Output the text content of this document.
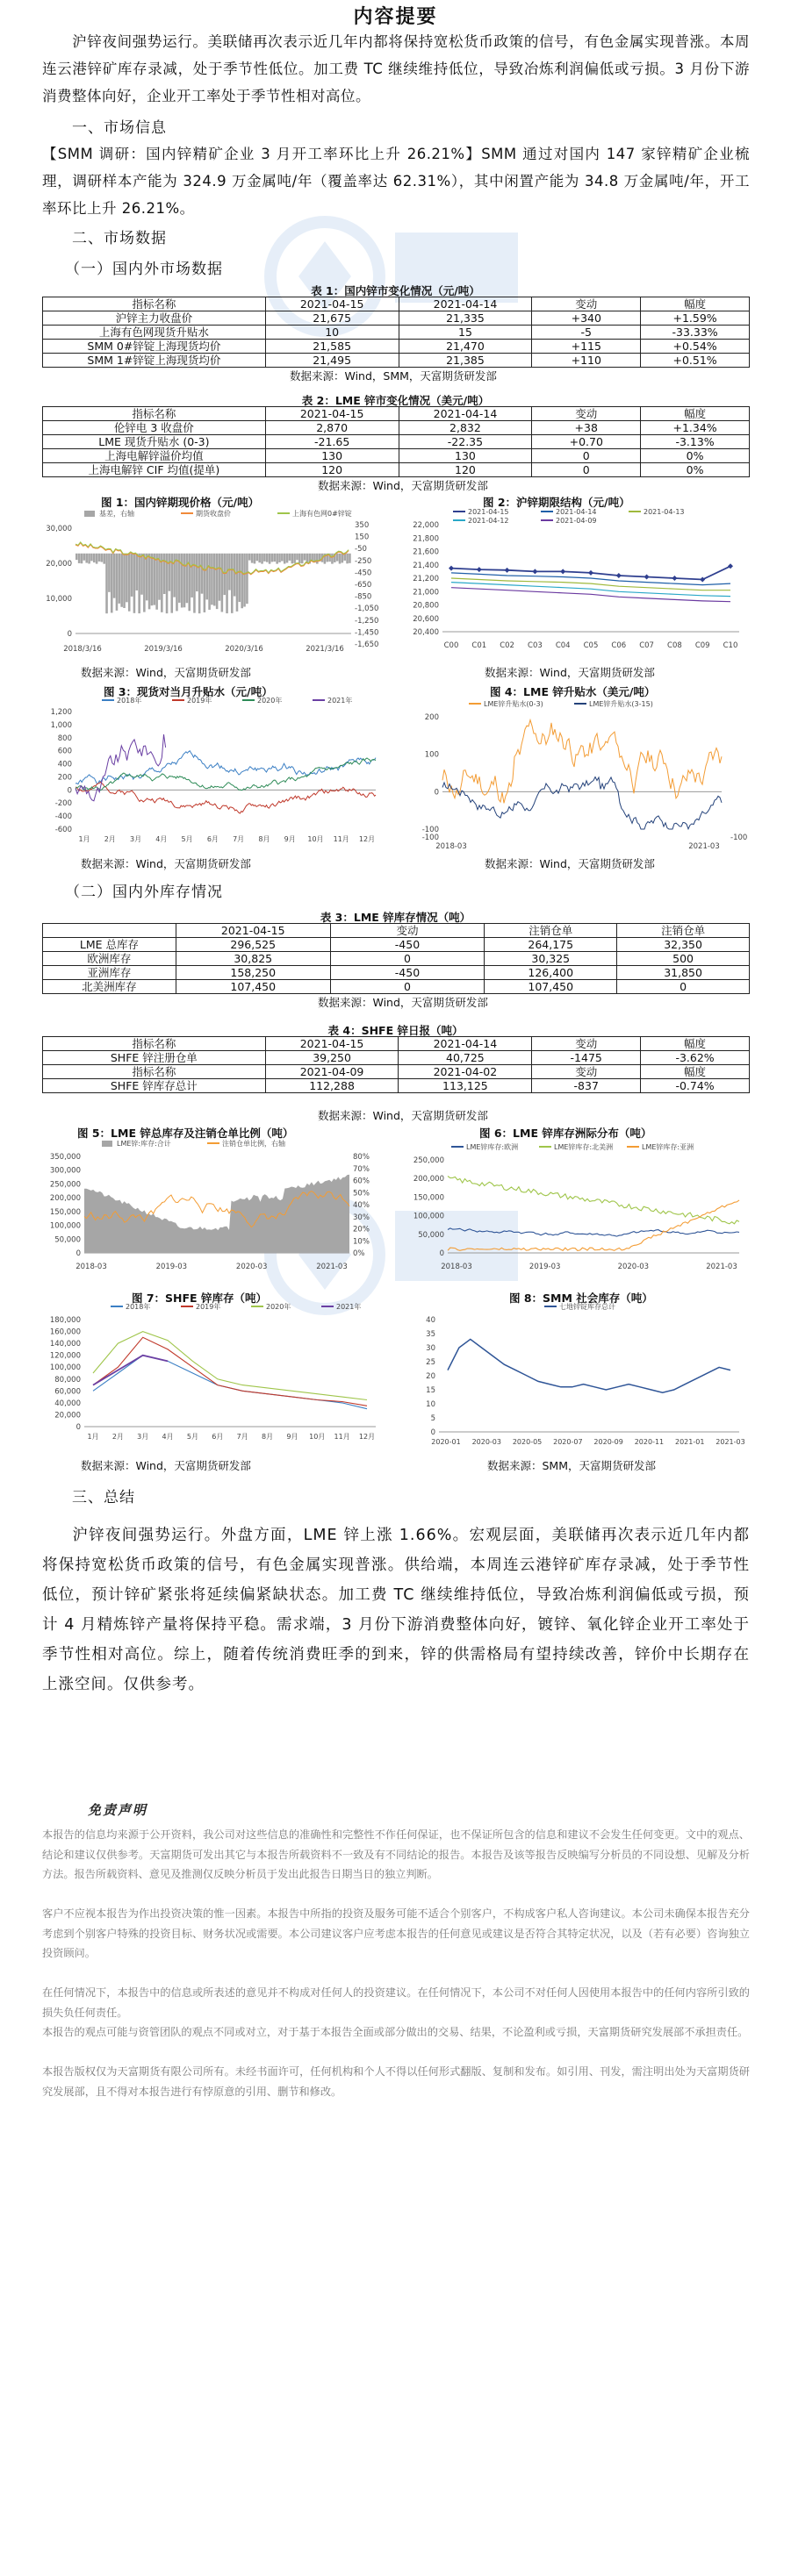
内容提要

沪锌夜间强势运行。美联储再次表示近几年内都将保持宽松货币政策的信号，有色金属实现普涨。本周连云港锌矿库存录减，处于季节性低位。加工费 TC 继续维持低位，导致冶炼利润偏低或亏损。3 月份下游消费整体向好，企业开工率处于季节性相对高位。

一、市场信息

【SMM 调研：国内锌精矿企业 3 月开工率环比上升 26.21%】SMM 通过对国内 147 家锌精矿企业梳理，调研样本产能为 324.9 万金属吨/年（覆盖率达 62.31%），其中闲置产能为 34.8 万金属吨/年，开工率环比上升 26.21%。

二、市场数据
（一）国内外市场数据

表 1：国内锌市变化情况（元/吨）

指标名称	2021-04-15	2021-04-14	变动	幅度
沪锌主力收盘价	21,675	21,335	+340	+1.59%
上海有色网现货升贴水	10	15	-5	-33.33%
SMM 0#锌锭上海现货均价	21,585	21,470	+115	+0.54%
SMM 1#锌锭上海现货均价	21,495	21,385	+110	+0.51%

数据来源：Wind，SMM，天富期货研发部

表 2：LME 锌市变化情况（美元/吨）

指标名称	2021-04-15	2021-04-14	变动	幅度
伦锌电 3 收盘价	2,870	2,832	+38	+1.34%
LME 现货升贴水 (0-3)	-21.65	-22.35	+0.70	-3.13%
上海电解锌溢价均值	130	130	0	0%
上海电解锌 CIF 均值(提单)	120	120	0	0%

数据来源：Wind，天富期货研发部

图 1：国内锌期现价格（元/吨）

30,000
20,000
10,000
0
350
150
-50
-250
-450
-650
-850
-1,050
-1,250
-1,450
-1,650
2018/3/16	2019/3/16	2020/3/16	2021/3/16
基差，右轴	期货收盘价	上海有色网0#锌锭

数据来源：Wind，天富期货研发部

图 2：沪锌期限结构（元/吨）

22,000
21,800
21,600
21,400
21,200
21,000
20,800
20,600
20,400
C00 C01 C02 C03 C04 C05 C06 C07 C08 C09 C10
2021-04-15	2021-04-14	2021-04-13
2021-04-12	2021-04-09

数据来源：Wind，天富期货研发部

图 3：现货对当月升贴水（元/吨）

1,200
1,000
800
600
400
200
0
-200
-400
-600
1月 2月 3月 4月 5月 6月 7月 8月 9月 10月 11月 12月
2018年	2019年	2020年	2021年

数据来源：Wind，天富期货研发部

图 4：LME 锌升贴水（美元/吨）

200
100
0
-100
-100	-100
2018-03	2021-03
LME锌升贴水(0-3)	LME锌升贴水(3-15)

数据来源：Wind，天富期货研发部

（二）国内外库存情况

表 3：LME 锌库存情况（吨）

	2021-04-15	变动	注销仓单	注销仓单
LME 总库存	296,525	-450	264,175	32,350
欧洲库存	30,825	0	30,325	500
亚洲库存	158,250	-450	126,400	31,850
北美洲库存	107,450	0	107,450	0

数据来源：Wind，天富期货研发部

表 4：SHFE 锌日报（吨）

指标名称	2021-04-15	2021-04-14	变动	幅度
SHFE 锌注册仓单	39,250	40,725	-1475	-3.62%
指标名称	2021-04-09	2021-04-02	变动	幅度
SHFE 锌库存总计	112,288	113,125	-837	-0.74%

数据来源：Wind，天富期货研发部

图 5：LME 锌总库存及注销仓单比例（吨）

350,000
300,000
250,000
200,000
150,000
100,000
50,000
0
80%
70%
60%
50%
40%
30%
20%
10%
0%
2018-03	2019-03	2020-03	2021-03
LME锌:库存:合计	注销仓单比例，右轴

图 6：LME 锌库存洲际分布（吨）

250,000
200,000
150,000
100,000
50,000
0
2018-03	2019-03	2020-03	2021-03
LME锌库存:欧洲	LME锌库存:北美洲	LME锌库存:亚洲

图 7：SHFE 锌库存（吨）

180,000
160,000
140,000
120,000
100,000
80,000
60,000
40,000
20,000
0
1月 2月 3月 4月 5月 6月 7月 8月 9月 10月 11月 12月
2018年	2019年	2020年	2021年

数据来源：Wind，天富期货研发部

图 8：SMM 社会库存（吨）

40
35
30
25
20
15
10
5
0
2020-01 2020-03 2020-05 2020-07 2020-09 2020-11 2021-01 2021-03
七地锌锭库存总计

数据来源：SMM，天富期货研发部

三、总结

沪锌夜间强势运行。外盘方面，LME 锌上涨 1.66%。宏观层面，美联储再次表示近几年内都将保持宽松货币政策的信号，有色金属实现普涨。供给端，本周连云港锌矿库存录减，处于季节性低位，预计锌矿紧张将延续偏紧缺状态。加工费 TC 继续维持低位，导致冶炼利润偏低或亏损，预计 4 月精炼锌产量将保持平稳。需求端，3 月份下游消费整体向好，镀锌、氧化锌企业开工率处于季节性相对高位。综上，随着传统消费旺季的到来，锌的供需格局有望持续改善，锌价中长期存在上涨空间。仅供参考。

免责声明

本报告的信息均来源于公开资料，我公司对这些信息的准确性和完整性不作任何保证，也不保证所包含的信息和建议不会发生任何变更。文中的观点、结论和建议仅供参考。天富期货可发出其它与本报告所载资料不一致及有不同结论的报告。本报告及该等报告反映编写分析员的不同设想、见解及分析方法。报告所载资料、意见及推测仅反映分析员于发出此报告日期当日的独立判断。

客户不应视本报告为作出投资决策的惟一因素。本报告中所指的投资及服务可能不适合个别客户，不构成客户私人咨询建议。本公司未确保本报告充分考虑到个别客户特殊的投资目标、财务状况或需要。本公司建议客户应考虑本报告的任何意见或建议是否符合其特定状况，以及（若有必要）咨询独立投资顾问。

在任何情况下，本报告中的信息或所表述的意见并不构成对任何人的投资建议。在任何情况下，本公司不对任何人因使用本报告中的任何内容所引致的损失负任何责任。

本报告的观点可能与资管团队的观点不同或对立，对于基于本报告全面或部分做出的交易、结果，不论盈利或亏损，天富期货研究发展部不承担责任。

本报告版权仅为天富期货有限公司所有。未经书面许可，任何机构和个人不得以任何形式翻版、复制和发布。如引用、刊发，需注明出处为天富期货研究发展部，且不得对本报告进行有悖原意的引用、删节和修改。
